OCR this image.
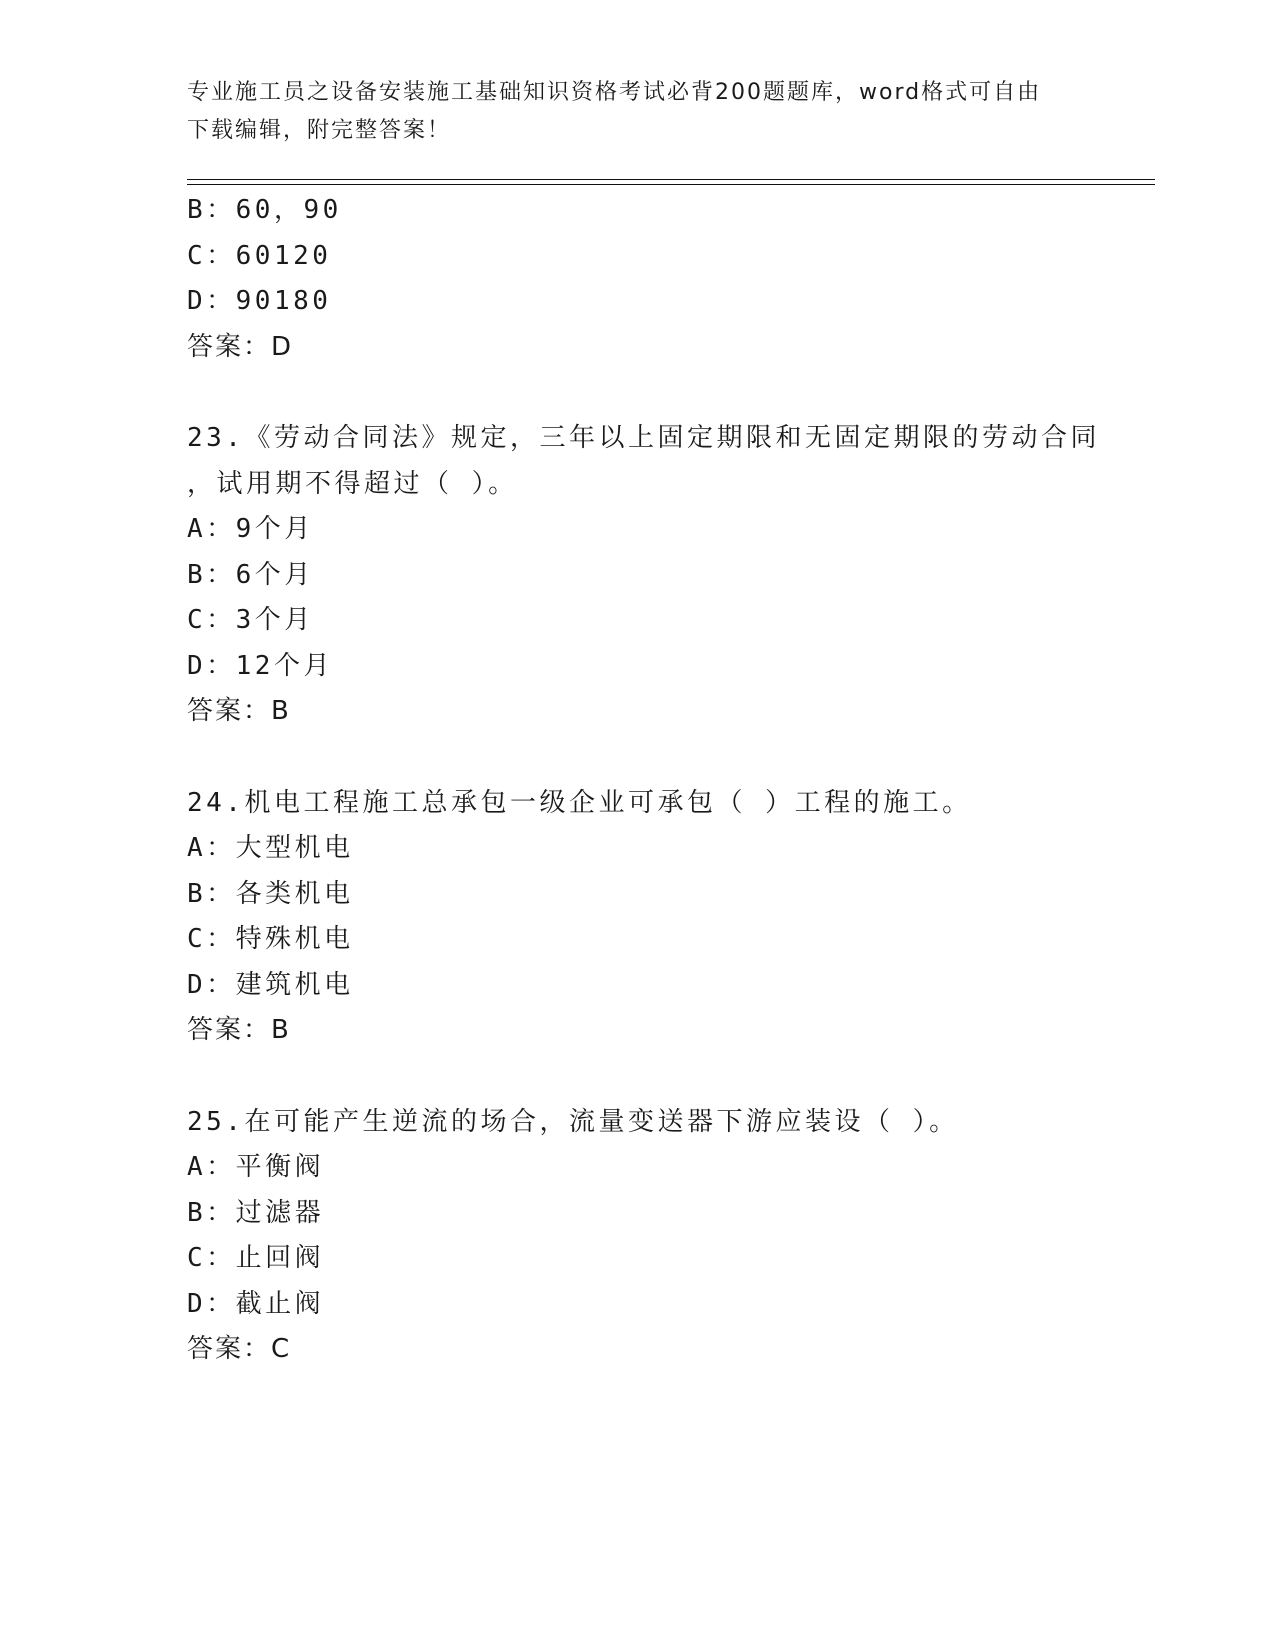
专业施工员之设备安装施工基础知识资格考试必背200题题库，word格式可自由
下载编辑，附完整答案！
B：60，90
C：60120
D：90180
答案：D
23.《劳动合同法》规定，三年以上固定期限和无固定期限的劳动合同
，试用期不得超过（ ）。
A：9个月
B：6个月
C：3个月
D：12个月
答案：B
24.机电工程施工总承包一级企业可承包（ ）工程的施工。
A：大型机电
B：各类机电
C：特殊机电
D：建筑机电
答案：B
25.在可能产生逆流的场合，流量变送器下游应装设（ ）。
A：平衡阀
B：过滤器
C：止回阀
D：截止阀
答案：C
